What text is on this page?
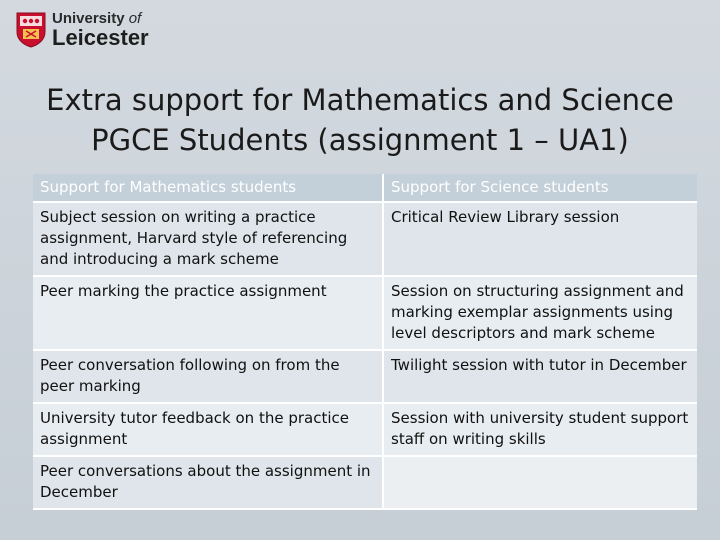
University of
Leicester
Extra support for Mathematics and Science
PGCE Students (assignment 1 – UA1)
Support for Mathematics students	Support for Science students
Subject session on writing a practice assignment, Harvard style of referencing and introducing a mark scheme	Critical Review Library session
Peer marking the practice assignment	Session on structuring assignment and marking exemplar assignments using level descriptors and mark scheme
Peer conversation following on from the peer marking	Twilight session with tutor in December
University tutor feedback on the practice assignment	Session with university student support staff on writing skills
Peer conversations about the assignment in December	
